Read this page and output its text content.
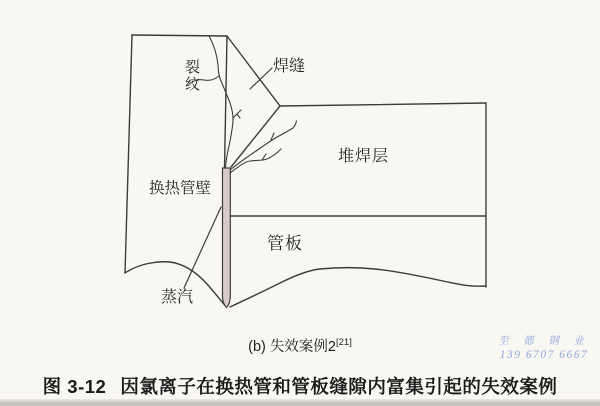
裂纹
焊缝
堆焊层
换热管壁
管板
蒸汽
(b) 失效案例2[21]	至 德 钢 业
139 6707 6667
图 3-12 因氯离子在换热管和管板缝隙内富集引起的失效案例
